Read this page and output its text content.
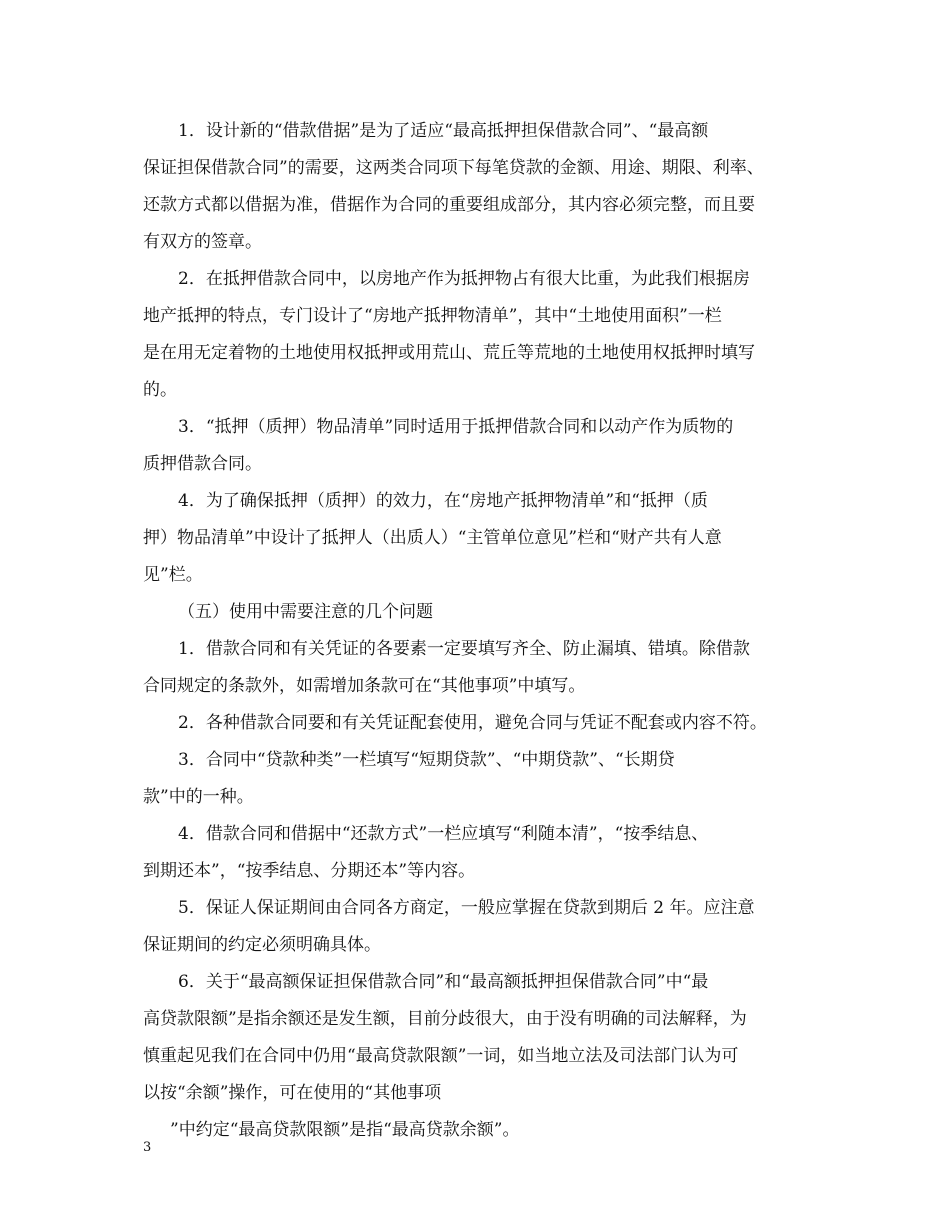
1．设计新的“借款借据”是为了适应“最高抵押担保借款合同”、“最高额
保证担保借款合同”的需要，这两类合同项下每笔贷款的金额、用途、期限、利率、
还款方式都以借据为准，借据作为合同的重要组成部分，其内容必须完整，而且要
有双方的签章。
2．在抵押借款合同中，以房地产作为抵押物占有很大比重，为此我们根据房
地产抵押的特点，专门设计了“房地产抵押物清单”，其中“土地使用面积”一栏
是在用无定着物的土地使用权抵押或用荒山、荒丘等荒地的土地使用权抵押时填写
的。
3．“抵押（质押）物品清单”同时适用于抵押借款合同和以动产作为质物的
质押借款合同。
4．为了确保抵押（质押）的效力，在“房地产抵押物清单”和“抵押（质
押）物品清单”中设计了抵押人（出质人）“主管单位意见”栏和“财产共有人意
见”栏。
（五）使用中需要注意的几个问题
1．借款合同和有关凭证的各要素一定要填写齐全、防止漏填、错填。除借款
合同规定的条款外，如需增加条款可在“其他事项”中填写。
2．各种借款合同要和有关凭证配套使用，避免合同与凭证不配套或内容不符。
3．合同中“贷款种类”一栏填写“短期贷款”、“中期贷款”、“长期贷
款”中的一种。
4．借款合同和借据中“还款方式”一栏应填写“利随本清”，“按季结息、
到期还本”，“按季结息、分期还本”等内容。
5．保证人保证期间由合同各方商定，一般应掌握在贷款到期后 2 年。应注意
保证期间的约定必须明确具体。
6．关于“最高额保证担保借款合同”和“最高额抵押担保借款合同”中“最
高贷款限额”是指余额还是发生额，目前分歧很大，由于没有明确的司法解释，为
慎重起见我们在合同中仍用“最高贷款限额”一词，如当地立法及司法部门认为可
以按“余额”操作，可在使用的“其他事项
”中约定“最高贷款限额”是指“最高贷款余额”。
3
